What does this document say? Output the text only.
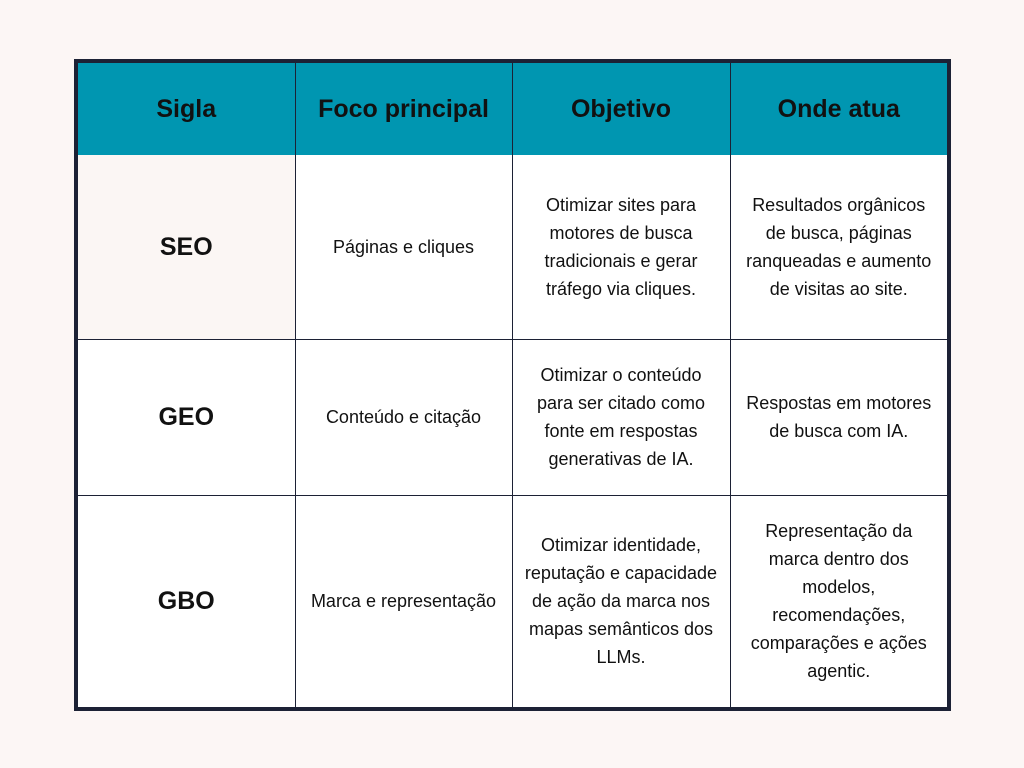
Sigla	Foco principal	Objetivo	Onde atua
SEO	Páginas e cliques	Otimizar sites para motores de busca tradicionais e gerar tráfego via cliques.	Resultados orgânicos de busca, páginas ranqueadas e aumento de visitas ao site.
GEO	Conteúdo e citação	Otimizar o conteúdo para ser citado como fonte em respostas generativas de IA.	Respostas em motores de busca com IA.
GBO	Marca e representação	Otimizar identidade, reputação e capacidade de ação da marca nos mapas semânticos dos LLMs.	Representação da marca dentro dos modelos, recomendações, comparações e ações agentic.
